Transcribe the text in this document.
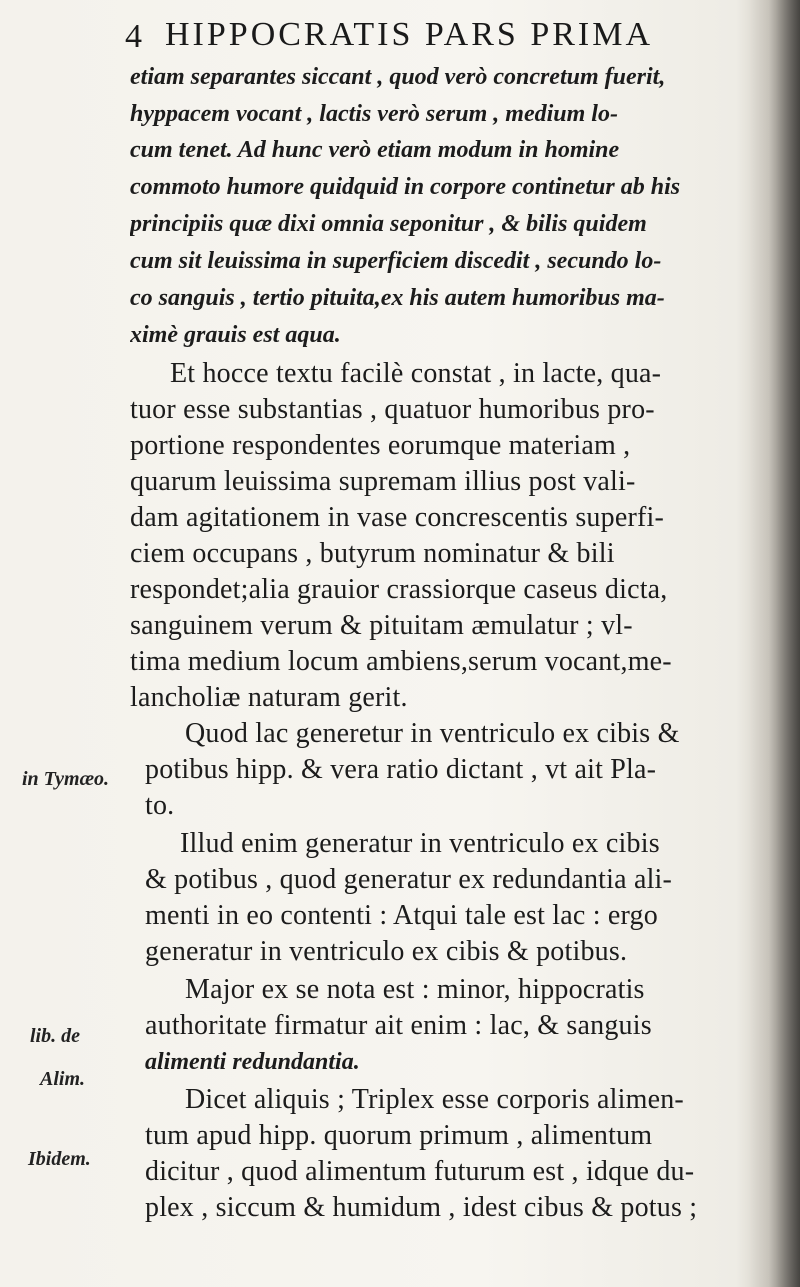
4 HIPPOCRATIS PARS PRIMA
etiam separantes siccant , quod verò concretum fuerit,
hyppacem vocant , lactis verò serum , medium lo-
cum tenet. Ad hunc verò etiam modum in homine
commoto humore quidquid in corpore continetur ab his
principiis quæ dixi omnia seponitur , & bilis quidem
cum sit leuissima in superficiem discedit , secundo lo-
co sanguis , tertio pituita,ex his autem humoribus ma-
ximè grauis est aqua.
Et hocce textu facilè constat , in lacte, qua-
tuor esse substantias , quatuor humoribus pro-
portione respondentes eorumque materiam ,
quarum leuissima supremam illius post vali-
dam agitationem in vase concrescentis superfi-
ciem occupans , butyrum nominatur & bili
respondet;alia grauior crassiorque caseus dicta,
sanguinem verum & pituitam æmulatur ; vl-
tima medium locum ambiens,serum vocant,me-
lancholiæ naturam gerit.
Quod lac generetur in ventriculo ex cibis &
potibus hipp. & vera ratio dictant , vt ait Pla-
to.
Illud enim generatur in ventriculo ex cibis
& potibus , quod generatur ex redundantia ali-
menti in eo contenti : Atqui tale est lac : ergo
generatur in ventriculo ex cibis & potibus.
Major ex se nota est : minor, hippocratis
authoritate firmatur ait enim : lac, & sanguis
alimenti redundantia.
Dicet aliquis ; Triplex esse corporis alimen-
tum apud hipp. quorum primum , alimentum
dicitur , quod alimentum futurum est , idque du-
plex , siccum & humidum , idest cibus & potus ;
in Tymæo.
lib. de
Alim.
Ibidem.
